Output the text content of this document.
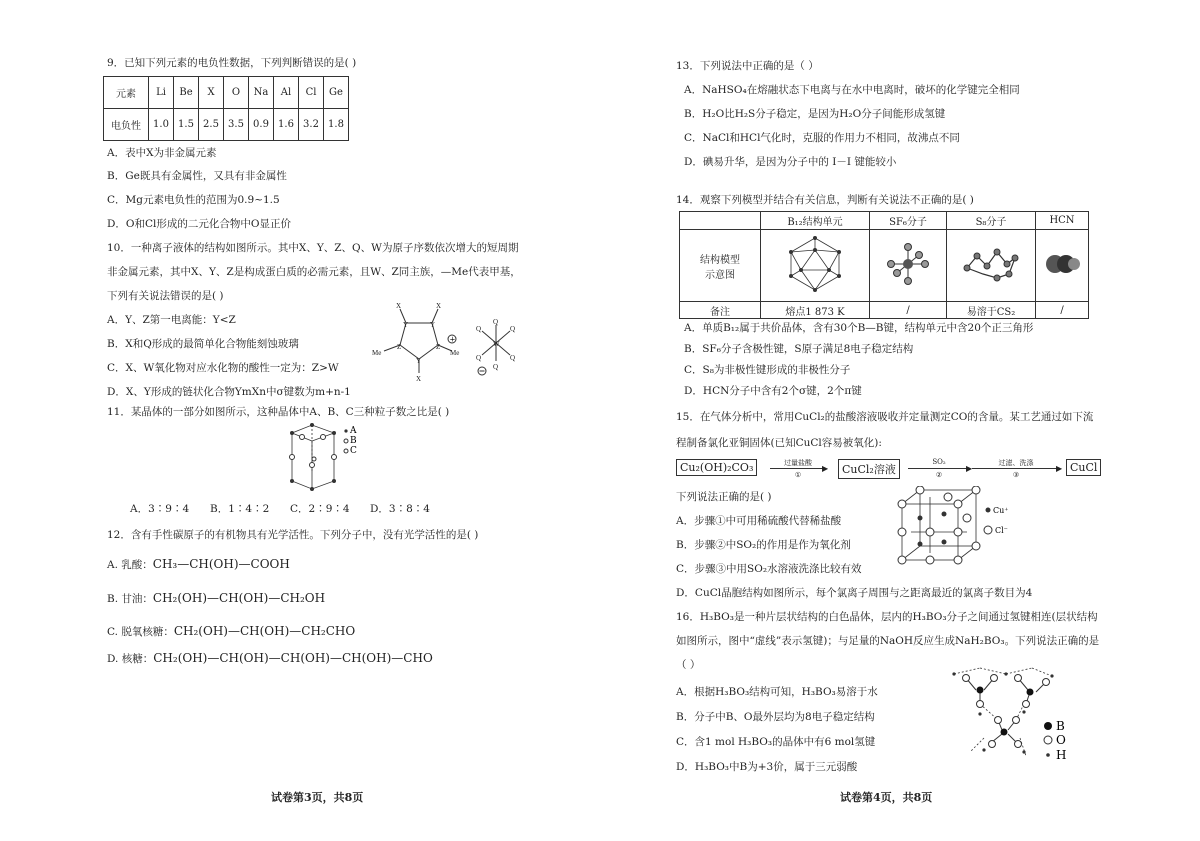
9．已知下列元素的电负性数据，下列判断错误的是( )
元素	Li	Be	X	O	Na	Al	Cl	Ge
电负性	1.0	1.5	2.5	3.5	0.9	1.6	3.2	1.8
A．表中X为非金属元素
B．Ge既具有金属性，又具有非金属性
C．Mg元素电负性的范围为0.9~1.5
D．O和Cl形成的二元化合物中O显正价
10．一种离子液体的结构如图所示。其中X、Y、Z、Q、W为原子序数依次增大的短周期
非金属元素，其中X、Y、Z是构成蛋白质的必需元素，且W、Z同主族，—Me代表甲基，
下列有关说法错误的是( )
A．Y、Z第一电离能：Y<Z
B．X和Q形成的最简单化合物能刻蚀玻璃
C．X、W氧化物对应水化物的酸性一定为：Z>W
D．X、Y形成的链状化合物YmXn中σ键数为m+n-1
X	X
Y	Y
Z	Z
Y
X
Me	Me
W
Q	Q
Q	Q
Q
Q
+
11．某晶体的一部分如图所示，这种晶体中A、B、C三种粒子数之比是( )
A
B
C
A．3∶9∶4 B．1∶4∶2 C．2∶9∶4 D．3∶8∶4
12．含有手性碳原子的有机物具有光学活性。下列分子中，没有光学活性的是( )
A. 乳酸：CH₃—CH(OH)—COOH
B. 甘油：CH₂(OH)—CH(OH)—CH₂OH
C. 脱氧核糖：CH₂(OH)—CH(OH)—CH₂CHO
D. 核糖：CH₂(OH)—CH(OH)—CH(OH)—CH(OH)—CHO
试卷第3页，共8页
13．下列说法中正确的是（ ）
A．NaHSO₄在熔融状态下电离与在水中电离时，破坏的化学键完全相同
B．H₂O比H₂S分子稳定，是因为H₂O分子间能形成氢键
C．NaCl和HCl气化时，克服的作用力不相同，故沸点不同
D．碘易升华，是因为分子中的 I－I 键能较小
14．观察下列模型并结合有关信息，判断有关说法不正确的是( )
	B₁₂结构单元	SF₆分子	S₈分子	HCN

结构模型
示意图

备注	熔点1 873 K	/	易溶于CS₂	/
A．单质B₁₂属于共价晶体，含有30个B—B键，结构单元中含20个正三角形
B．SF₆分子含极性键，S原子满足8电子稳定结构
C．S₈为非极性键形成的非极性分子
D．HCN分子中含有2个σ键，2个π键
15．在气体分析中，常用CuCl₂的盐酸溶液吸收并定量测定CO的含量。某工艺通过如下流
程制备氯化亚铜固体(已知CuCl容易被氧化):
Cu₂(OH)₂CO₃	过量盐酸
▶
①	CuCl₂溶液
SO₂
▶
②
过滤、洗涤
▶
③
CuCl
下列说法正确的是( )
Cu⁺
Cl⁻
A．步骤①中可用稀硫酸代替稀盐酸
B．步骤②中SO₂的作用是作为氧化剂
C．步骤③中用SO₂水溶液洗涤比较有效
D．CuCl晶胞结构如图所示，每个氯离子周围与之距离最近的氯离子数目为4
16．H₃BO₃是一种片层状结构的白色晶体，层内的H₃BO₃分子之间通过氢键相连(层状结构
如图所示，图中“虚线”表示氢键)；与足量的NaOH反应生成NaH₂BO₃。下列说法正确的是
（ ）
A．根据H₃BO₃结构可知，H₃BO₃易溶于水
B．分子中B、O最外层均为8电子稳定结构
C．含1 mol H₃BO₃的晶体中有6 mol氢键
D．H₃BO₃中B为+3价，属于三元弱酸
B
O
H
试卷第4页，共8页
